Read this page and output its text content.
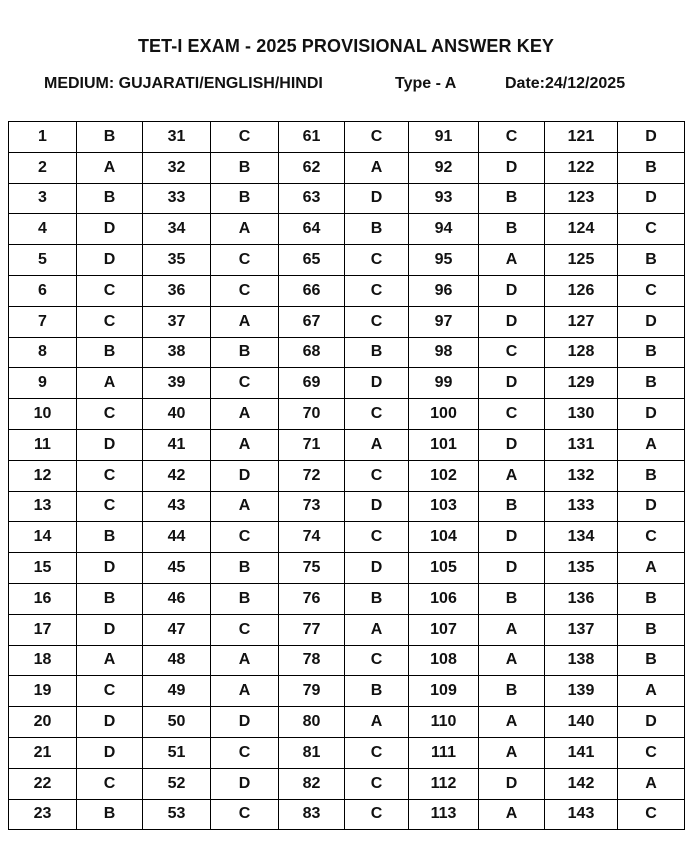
TET-I EXAM - 2025 PROVISIONAL ANSWER KEY
MEDIUM: GUJARATI/ENGLISH/HINDI	Type - A	Date:24/12/2025
1	B	31	C	61	C	91	C	121	D
2	A	32	B	62	A	92	D	122	B
3	B	33	B	63	D	93	B	123	D
4	D	34	A	64	B	94	B	124	C
5	D	35	C	65	C	95	A	125	B
6	C	36	C	66	C	96	D	126	C
7	C	37	A	67	C	97	D	127	D
8	B	38	B	68	B	98	C	128	B
9	A	39	C	69	D	99	D	129	B
10	C	40	A	70	C	100	C	130	D
11	D	41	A	71	A	101	D	131	A
12	C	42	D	72	C	102	A	132	B
13	C	43	A	73	D	103	B	133	D
14	B	44	C	74	C	104	D	134	C
15	D	45	B	75	D	105	D	135	A
16	B	46	B	76	B	106	B	136	B
17	D	47	C	77	A	107	A	137	B
18	A	48	A	78	C	108	A	138	B
19	C	49	A	79	B	109	B	139	A
20	D	50	D	80	A	110	A	140	D
21	D	51	C	81	C	111	A	141	C
22	C	52	D	82	C	112	D	142	A
23	B	53	C	83	C	113	A	143	C
